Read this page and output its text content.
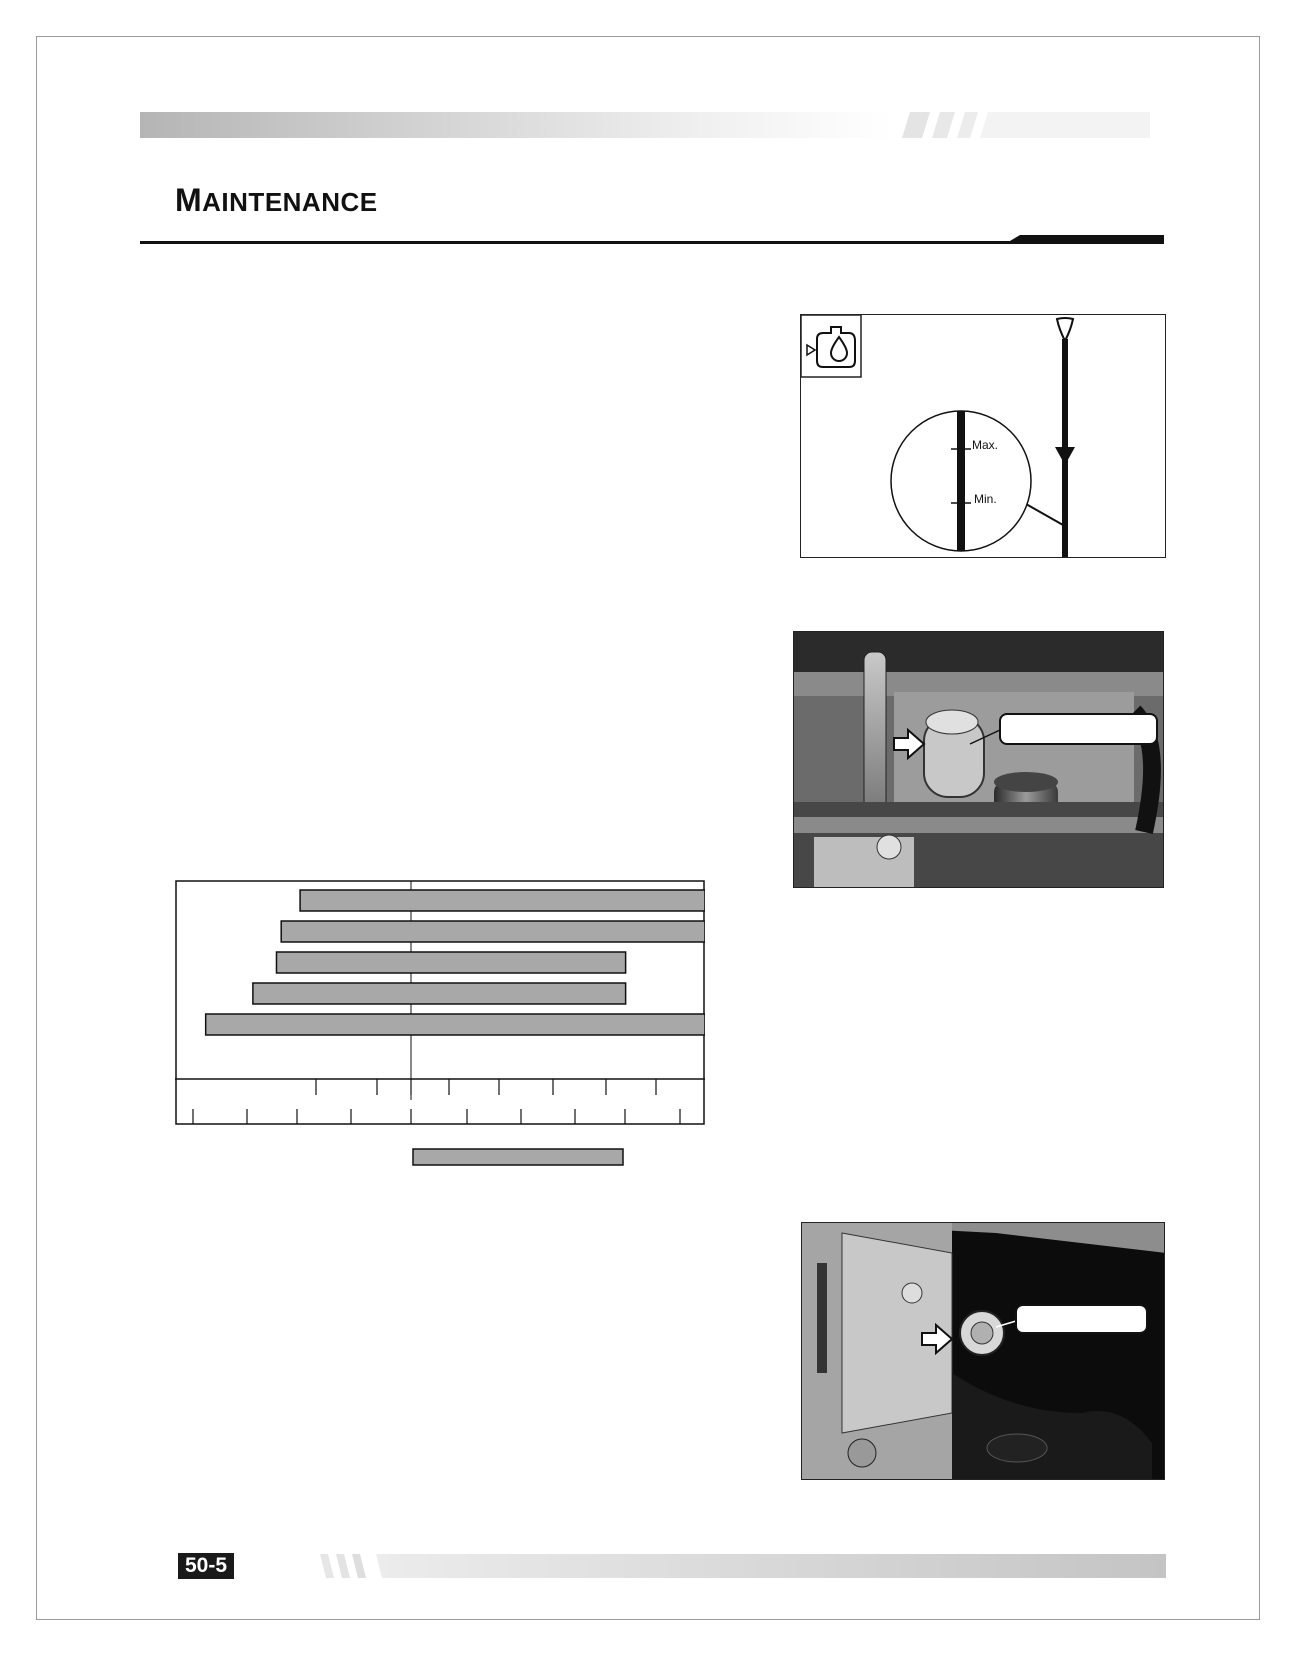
MAINTENANCE
Max.
Min.
50-5
